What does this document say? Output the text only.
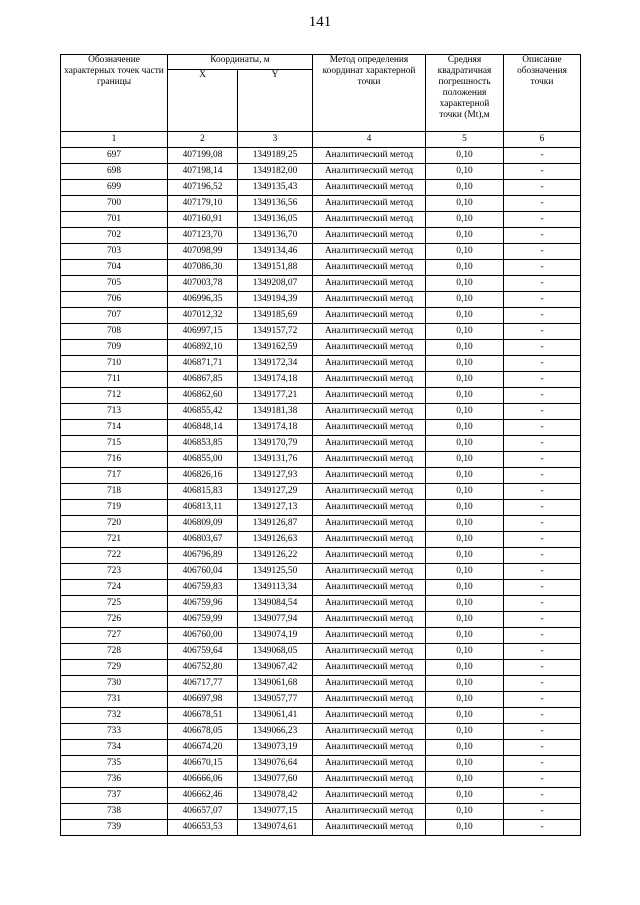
141
Обозначение характерных точек части границы	Координаты, м		Метод определения координат характерной точки	Средняя квадратичная погрешность положения характерной точки (Mt),м	Описание обозначения точки
	X	Y			
1	2	3	4	5	6
697	407199,08	1349189,25	Аналитический метод	0,10	-
698	407198,14	1349182,00	Аналитический метод	0,10	-
699	407196,52	1349135,43	Аналитический метод	0,10	-
700	407179,10	1349136,56	Аналитический метод	0,10	-
701	407160,91	1349136,05	Аналитический метод	0,10	-
702	407123,70	1349136,70	Аналитический метод	0,10	-
703	407098,99	1349134,46	Аналитический метод	0,10	-
704	407086,30	1349151,88	Аналитический метод	0,10	-
705	407003,78	1349208,07	Аналитический метод	0,10	-
706	406996,35	1349194,39	Аналитический метод	0,10	-
707	407012,32	1349185,69	Аналитический метод	0,10	-
708	406997,15	1349157,72	Аналитический метод	0,10	-
709	406892,10	1349162,59	Аналитический метод	0,10	-
710	406871,71	1349172,34	Аналитический метод	0,10	-
711	406867,85	1349174,18	Аналитический метод	0,10	-
712	406862,60	1349177,21	Аналитический метод	0,10	-
713	406855,42	1349181,38	Аналитический метод	0,10	-
714	406848,14	1349174,18	Аналитический метод	0,10	-
715	406853,85	1349170,79	Аналитический метод	0,10	-
716	406855,00	1349131,76	Аналитический метод	0,10	-
717	406826,16	1349127,93	Аналитический метод	0,10	-
718	406815,83	1349127,29	Аналитический метод	0,10	-
719	406813,11	1349127,13	Аналитический метод	0,10	-
720	406809,09	1349126,87	Аналитический метод	0,10	-
721	406803,67	1349126,63	Аналитический метод	0,10	-
722	406796,89	1349126,22	Аналитический метод	0,10	-
723	406760,04	1349125,50	Аналитический метод	0,10	-
724	406759,83	1349113,34	Аналитический метод	0,10	-
725	406759,96	1349084,54	Аналитический метод	0,10	-
726	406759,99	1349077,94	Аналитический метод	0,10	-
727	406760,00	1349074,19	Аналитический метод	0,10	-
728	406759,64	1349068,05	Аналитический метод	0,10	-
729	406752,80	1349067,42	Аналитический метод	0,10	-
730	406717,77	1349061,68	Аналитический метод	0,10	-
731	406697,98	1349057,77	Аналитический метод	0,10	-
732	406678,51	1349061,41	Аналитический метод	0,10	-
733	406678,05	1349066,23	Аналитический метод	0,10	-
734	406674,20	1349073,19	Аналитический метод	0,10	-
735	406670,15	1349076,64	Аналитический метод	0,10	-
736	406666,06	1349077,60	Аналитический метод	0,10	-
737	406662,46	1349078,42	Аналитический метод	0,10	-
738	406657,07	1349077,15	Аналитический метод	0,10	-
739	406653,53	1349074,61	Аналитический метод	0,10	-
